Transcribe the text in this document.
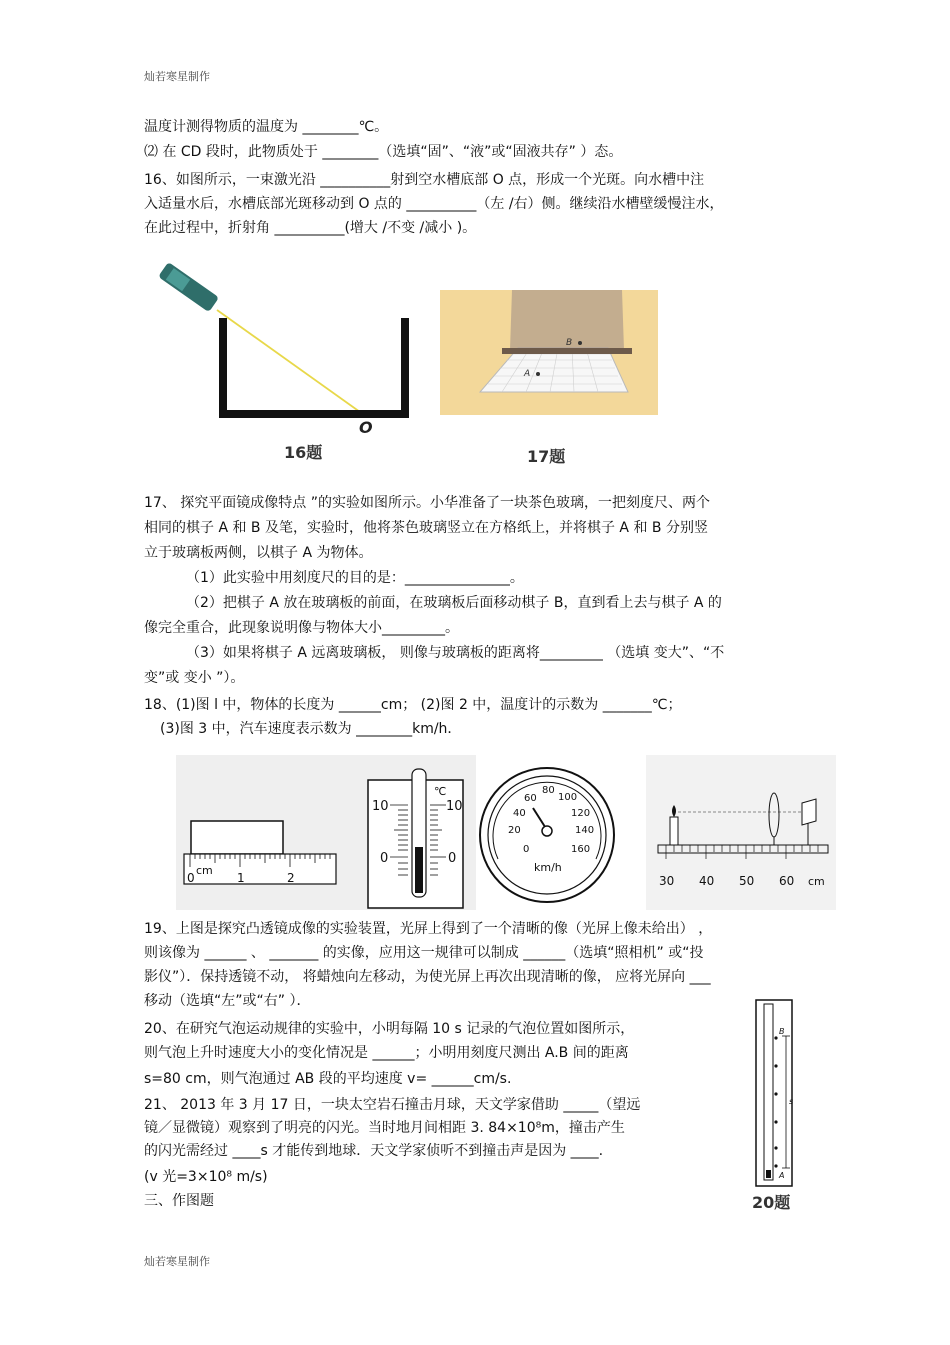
灿若寒星制作
温度计测得物质的温度为 ________℃。
⑵ 在 CD 段时，此物质处于 ________（选填“固”、“液”或“固液共存” ）态。
16、如图所示，一束激光沿 __________射到空水槽底部 O 点，形成一个光斑。向水槽中注
入适量水后，水槽底部光斑移动到 O 点的 __________（左 /右）侧。继续沿水槽壁缓慢注水，
在此过程中，折射角 __________(增大 /不变 /减小 )。
O
16题
A
B
17题
17、 探究平面镜成像特点 ”的实验如图所示。小华准备了一块茶色玻璃，一把刻度尺、两个
相同的棋子 A 和 B 及笔，实验时，他将茶色玻璃竖立在方格纸上，并将棋子 A 和 B 分别竖
立于玻璃板两侧，以棋子 A 为物体。
（1）此实验中用刻度尺的目的是：_______________。
（2）把棋子 A 放在玻璃板的前面，在玻璃板后面移动棋子 B，直到看上去与棋子 A 的
像完全重合，此现象说明像与物体大小_________。
（3）如果将棋子 A 远离玻璃板， 则像与玻璃板的距离将_________ （选填 变大”、“不
变”或 变小 ”）。
18、(1)图 l 中，物体的长度为 ______cm； (2)图 2 中，温度计的示数为 _______℃；
(3)图 3 中，汽车速度表示数为 ________km/h．
cm
0	1	2
℃
10
0
10
0
0
20
40
60
80
100
120
140
160
km/h
30 40 50 60 cm
19、上图是探究凸透镜成像的实验装置，光屏上得到了一个清晰的像（光屏上像未给出） ，
则该像为 ______ 、 _______ 的实像，应用这一规律可以制成 ______（选填“照相机” 或“投
影仪”）．保持透镜不动， 将蜡烛向左移动，为使光屏上再次出现清晰的像， 应将光屏向 ___
移动（选填“左”或“右” ）．
20、在研究气泡运动规律的实验中，小明每隔 10 s 记录的气泡位置如图所示，
则气泡上升时速度大小的变化情况是 ______；小明用刻度尺测出 A.B 间的距离
s=80 cm，则气泡通过 AB 段的平均速度 v= ______cm/s.
21、 2013 年 3 月 17 日，一块太空岩石撞击月球，天文学家借助 _____（望远
镜／显微镜）观察到了明亮的闪光。当时地月间相距 3. 84×10⁸m，撞击产生
的闪光需经过 ____s 才能传到地球．天文学家侦听不到撞击声是因为 ____.
(v 光=3×10⁸ m/s)
三、作图题
B
s
A
20题
灿若寒星制作
